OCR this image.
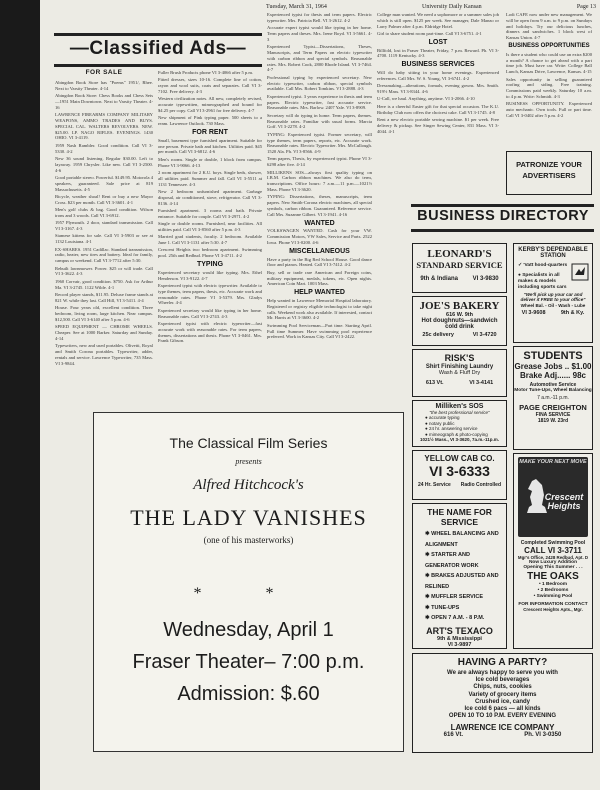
Tuesday, March 31, 1964	University Daily Kansan	Page 13
—Classified Ads—
FOR SALE

Abingdon Book Store has "Poems" 1951/, Rhee. Next to Varsity Theater. 4-14

Abingdon Book Store: Chess Books and Chess Sets—1951 Main Downtown. Next to Varsity Theater. 4-16

LAWRENCE FIREARMS COMPANY MILITARY WEAPONS, AMMO TRADES AND BUYS. SPECIAL CAL. WALTERS REVOLVERS. NEW. $25.00. LP. NAGO RIFLES. EVENINGS. 1430 OHIO. VI 3-4119.

1959 Nash Rambler. Good condition. Call VI 3-5330. 4-2

New 36 sound listening. Regular $30.00. Left to layaway. 1959 Chrysler. Like new. Call VI 3-2500. 4-6

Good portable stereo. Powerful. $149.95. Motorola 4 speakers, guaranteed. Sale price at 819 Massachusetts. 4-5

Bicycle, weather shoal! Rent or buy a new Mayor Cross. $23 per month. Call VI 3-3601. 4-1

Men's golf clubs & bag. Good condition. Wilson irons and 3 woods. Call VI 3-6912.

1957 Plymouth. 2 door, standard transmission. Call VI 3-3167. 4-3

Siamese kittens for sale. Call VI 3-5903 or see at 1132 Louisiana. 4-1

EX-SHARES. 1951 Cadillac. Standard transmission, radio, heater, new tires and battery. Ideal for family, campus or weekend. Call VI 3-7712 after 5:30.

Rebuilt lawnmower. Power. $25 or will trade. Call VI 3-3622. 4-3

1960 Corvair, good condition. $750. Ask for Arthur Ma. VI 3-2745. 1122 Wilde. 4-1

Record player stands, $11.95. Deluxe frame stands at 821 W. while they last. Call Hill, VI 3-5411. 4-4

House. Four years old, excellent condition. Three bedroom, living room, large kitchen. Near campus. $12,500. Call VI 3-6140 after 5 p.m. 4-6

SPEED EQUIPMENT — CHROME WHEELS. Cheaper. See at 1000 Barker. Saturday and Sunday. 4-14

Typewriters, new and used portables. Olivetti, Royal and Smith Corona portables. Typewriter, adder, rentals and service. Lawrence Typewriter, 735 Mass. VI 3-9844.

Fuller Brush Products phone VI 3-4066 after 5 p.m.

Fitted dresses, sizes 10-16. Complete line of cotton, rayon and wool suits, coats and separates. Call VI 3-7102. Free delivery. 4-3

Western civilization notes. All new, completely revised, accurate typewritten, mimeographed and bound for $4.25 per copy. Call VI 3-2961 for free delivery. 4-7

New shipment of Pink typing paper. 500 sheets to a ream. Lawrence Outlook. 730 Mass.

FOR RENT

Small, basement type furnished apartment. Suitable for one person. Private bath and kitchen. Utilities paid. $45 per month. Call VI 3-6812. 4-6

Men's rooms. Single or double, 1 block from campus. Phone VI 3-9066. 4-13

2 room apartment for 2 K.U. boys. Single beds, shower, all utilities paid. Summer and fall. Call VI 3-5511 at 1131 Tennessee. 4-3

New 2 bedroom unfurnished apartment. Garbage disposal, air conditioned, stove, refrigerator. Call VI 3-8136. 4-14

Furnished apartment. 3 rooms and bath. Private entrance. Suitable for couple. Call VI 3-2971. 4-2

Single or double rooms. Furnished, near facilities. All utilities paid. Call VI 3-8560 after 5 p.m. 4-3

Married grad students, faculty. 2 bedroom. Available June 1. Call VI 3-1131 after 5:30. 4-7

Crescent Heights two bedroom apartment. Swimming pool. 25th and Redbud. Phone VI 3-4711. 4-2

TYPING

Experienced secretary would like typing. Mrs. Ethel Henderson. VI 3-9122. 4-7

Experienced typist with electric typewriter. Available to type themes, term papers, thesis, etc. Accurate work and reasonable rates. Phone VI 3-5379. Mrs. Gladys Wheeler. 4-4

Experienced secretary would like typing in her home. Reasonable rates. Call VI 3-2743. 4-3

Experienced typist with electric typewriter—fast accurate work with reasonable rates. For term papers, themes, dissertations and thesis. Phone VI 3-0461. Mrs. Frank Gibson.

Experienced typist for thesis and term papers. Electric typewriter. Mrs. Patricia Bell. VI 3-2612. 4-2

Accurate expert typist would like typing in her home. Term papers and theses. Mrs. Irene Boyd. VI 3-5661. 4-3

Experienced Typist—Dissertations, Theses, Manuscripts, and Term Papers on electric typewriter with carbon ribbon and special symbols. Reasonable rates. Mrs. Robert Cook, 2800 Rhode Island. VI 3-7464. 4-7

Professional typing by experienced secretary. New electric typewriter, carbon ribbon, special symbols available. Call Mrs. Robert Tomkins. VI 3-2888. 4-3

Experienced typist. 3 years experience in thesis and term papers. Electric typewriter, fast accurate service. Reasonable rates. Mrs. Barlow. 2407 Yale. VI 3-8909.

Secretary will do typing in home. Term papers, themes. Reasonable rates. Familiar with usual forms. Marcia Goff. VI 3-2278. 4-2

TYPING: Experienced typist. Former secretary, will type themes, term papers, reports, etc. Accurate work. Reasonable rates. Electric Typewriter. Mrs. McCullough. 1520 Ala. Ph. VI 3-8566. 4-9

Term papers, Thesis, by experienced typist. Phone VI 3-6298 after five. 4-14

MILLIKENS SOS—always first quality typing on I.B.M. Carbon ribbon machines. We also do term, transcriptions. Office hours: 7 a.m.—11 p.m.—1021½ Mass. Phone VI 3-3620.

TYPING: Dissertations, theses, manuscripts, term papers. New Smith-Corona electric machines, all special symbols, carbon ribbon. Guaranteed. Reference service. Call Mrs. Suzanne Gilbert. VI 3-1941. 4-16

WANTED

VOLKSWAGEN WANTED. Cash for your VW. Commission Motors, VW Sales, Service and Parts. 2522 Iowa. Phone VI 3-0200. 4-6

MISCELLANEOUS

Have a party in the Big Red School House. Good dance floor and pianos. Heated. Call VI 3-7412. 4-2

Buy, sell or trade rare American and Foreign coins, military equipment, medals, tokens, etc. Open nights. American Coin Mart. 1003 Mass.

HELP WANTED

Help wanted in Lawrence Memorial Hospital laboratory. Registered or registry eligible technologist to take night calls. Weekend work also available. If interested, contact Mr. Harris at VI 3-3600. 4-2

Swimming Pool Serviceman—Part time. Starting April. Full time Summer. Have swimming pool experience preferred. Work in Kansas City. Call VI 3-2422.

College man wanted. We need a sophomore or a summer sales job which is still open. $125 per week. See manager, Dale Manzo or Larry Palmer after 4 p.m. Eldridge Hotel.

Girl to share student room part-time. Call VI 3-6751. 4-1

LOST

Billfold, lost in Fraser Theater, Friday, 7 p.m. Reward. Ph. VI 3-4700. 1119 Kentucky. 4-3

BUSINESS SERVICES

Will do baby sitting in your home evenings. Experienced references. Call Mrs. W. S. Young, VI 3-6741. 4-2

Dressmaking—alterations, formals, evening gowns. Mrs. Smith. 919½ Mass. VI 3-8344. 4-6

U-Call, we haul. Anything, anytime. VI 3-2066. 4-10

Here is a cheerful Easter gift for that special occasion. The K.U. Birthday Club now offers the choicest cake. Call VI 3-1745. 4-8

Rent a new electric portable sewing machine. $1 per week. Free delivery & pickup. See Singer Sewing Center, 831 Mass. VI 3-4044. 4-1

Lodi CAFE now under new management. We will be open from 9 a.m. to 9 p.m. on Sundays and holidays. Try our delicious lunches, dinners and sandwiches. 1 block west of Kansas Union. 4-7

BUSINESS OPPORTUNITIES

Is there a student who could use an extra $200 a month? A chance to get ahead with a part time job. Must have car. Write: College Ball Lunch, Kansas Drive, Lawrence, Kansas. 4-15

Sales opportunity in selling guaranteed roofing and siding. Free training. Commissions paid weekly. Saturday 10 a.m. to 4 p.m. Write: Schmidt. 4-3

BUSINESS OPPORTUNITY. Experienced auto mechanic. Own tools. Full or part time. Call VI 3-0402 after 5 p.m. 4-2

PATRONIZE YOUR
ADVERTISERS
The Classical Film Series
presents
Alfred Hitchcock's
THE LADY VANISHES
(one of his masterworks)
* *
Wednesday, April 1
Fraser Theater– 7:00 p.m.
Admission: $.60
BUSINESS DIRECTORY
LEONARD'S
STANDARD SERVICE
9th & Indiana VI 3-9830
JOE'S BAKERY
616 W. 9th
Hot doughnuts—sandwich
cold drink
25c delivery	VI 3-4720
RISK'S
Shirt Finishing Laundry
Wash & Fluff Dry
613 Vt.	VI 3-4141
Milliken's SOS
"the best professional service"
● accurate typing
● notary public
● 24 hr. answering service
● mimeograph & photo-copying
1021½ Mass., VI 3-3620, 7a.m.-11p.m.
YELLOW CAB CO.
VI 3-6333
24 Hr. Service Radio Controlled
THE NAME FOR
SERVICE
✱ WHEEL BALANCING AND ALIGNMENT
✱ STARTER AND GENERATOR WORK
✱ BRAKES ADJUSTED AND RELINED
✱ MUFFLER SERVICE
✱ TUNE-UPS
✱ OPEN 7 A.M. - 8 P.M.
ART'S TEXACO
9th & Mississippi
VI 3-9897
KERBY'S DEPENDABLE
STATION
✓ 'Vatt hood-quarters
● Specialists in all makes & models including sports cars
"We'll pick up your car and deliver it FREE to your office"
Wheel Bal. - Oil - Wash - Lube
VI 3-9608	9th & Ky.
STUDENTS
Grease Jobs .. $1.00
Brake Adj...... 98c
Automotive Service
Motor Tune-Ups, Wheel Balancing
7 a.m.-11 p.m.
PAGE CREIGHTON
FINA SERVICE
1819 W. 23rd
MAKE YOUR NEXT MOVE
Crescent Heights
Completed Swimming Pool
CALL VI 3-3711
Mgr's Office, 2428 Redbud, Apt. D
Now Luxury Addition
Opening This Summer . . .
THE OAKS
• 1 Bedroom
• 2 Bedrooms
• Swimming Pool
FOR INFORMATION CONTACT
Crescent Heights Apts., Mgr.
HAVING A PARTY?
We are always happy to serve you with
Ice cold beverages
Chips, nuts, cookies
Variety of grocery items
Crushed ice, candy
Ice cold 6 pacs — all kinds
OPEN 10 TO 10 P.M. EVERY EVENING
LAWRENCE ICE COMPANY
616 Vt.	Ph. VI 3-0350
